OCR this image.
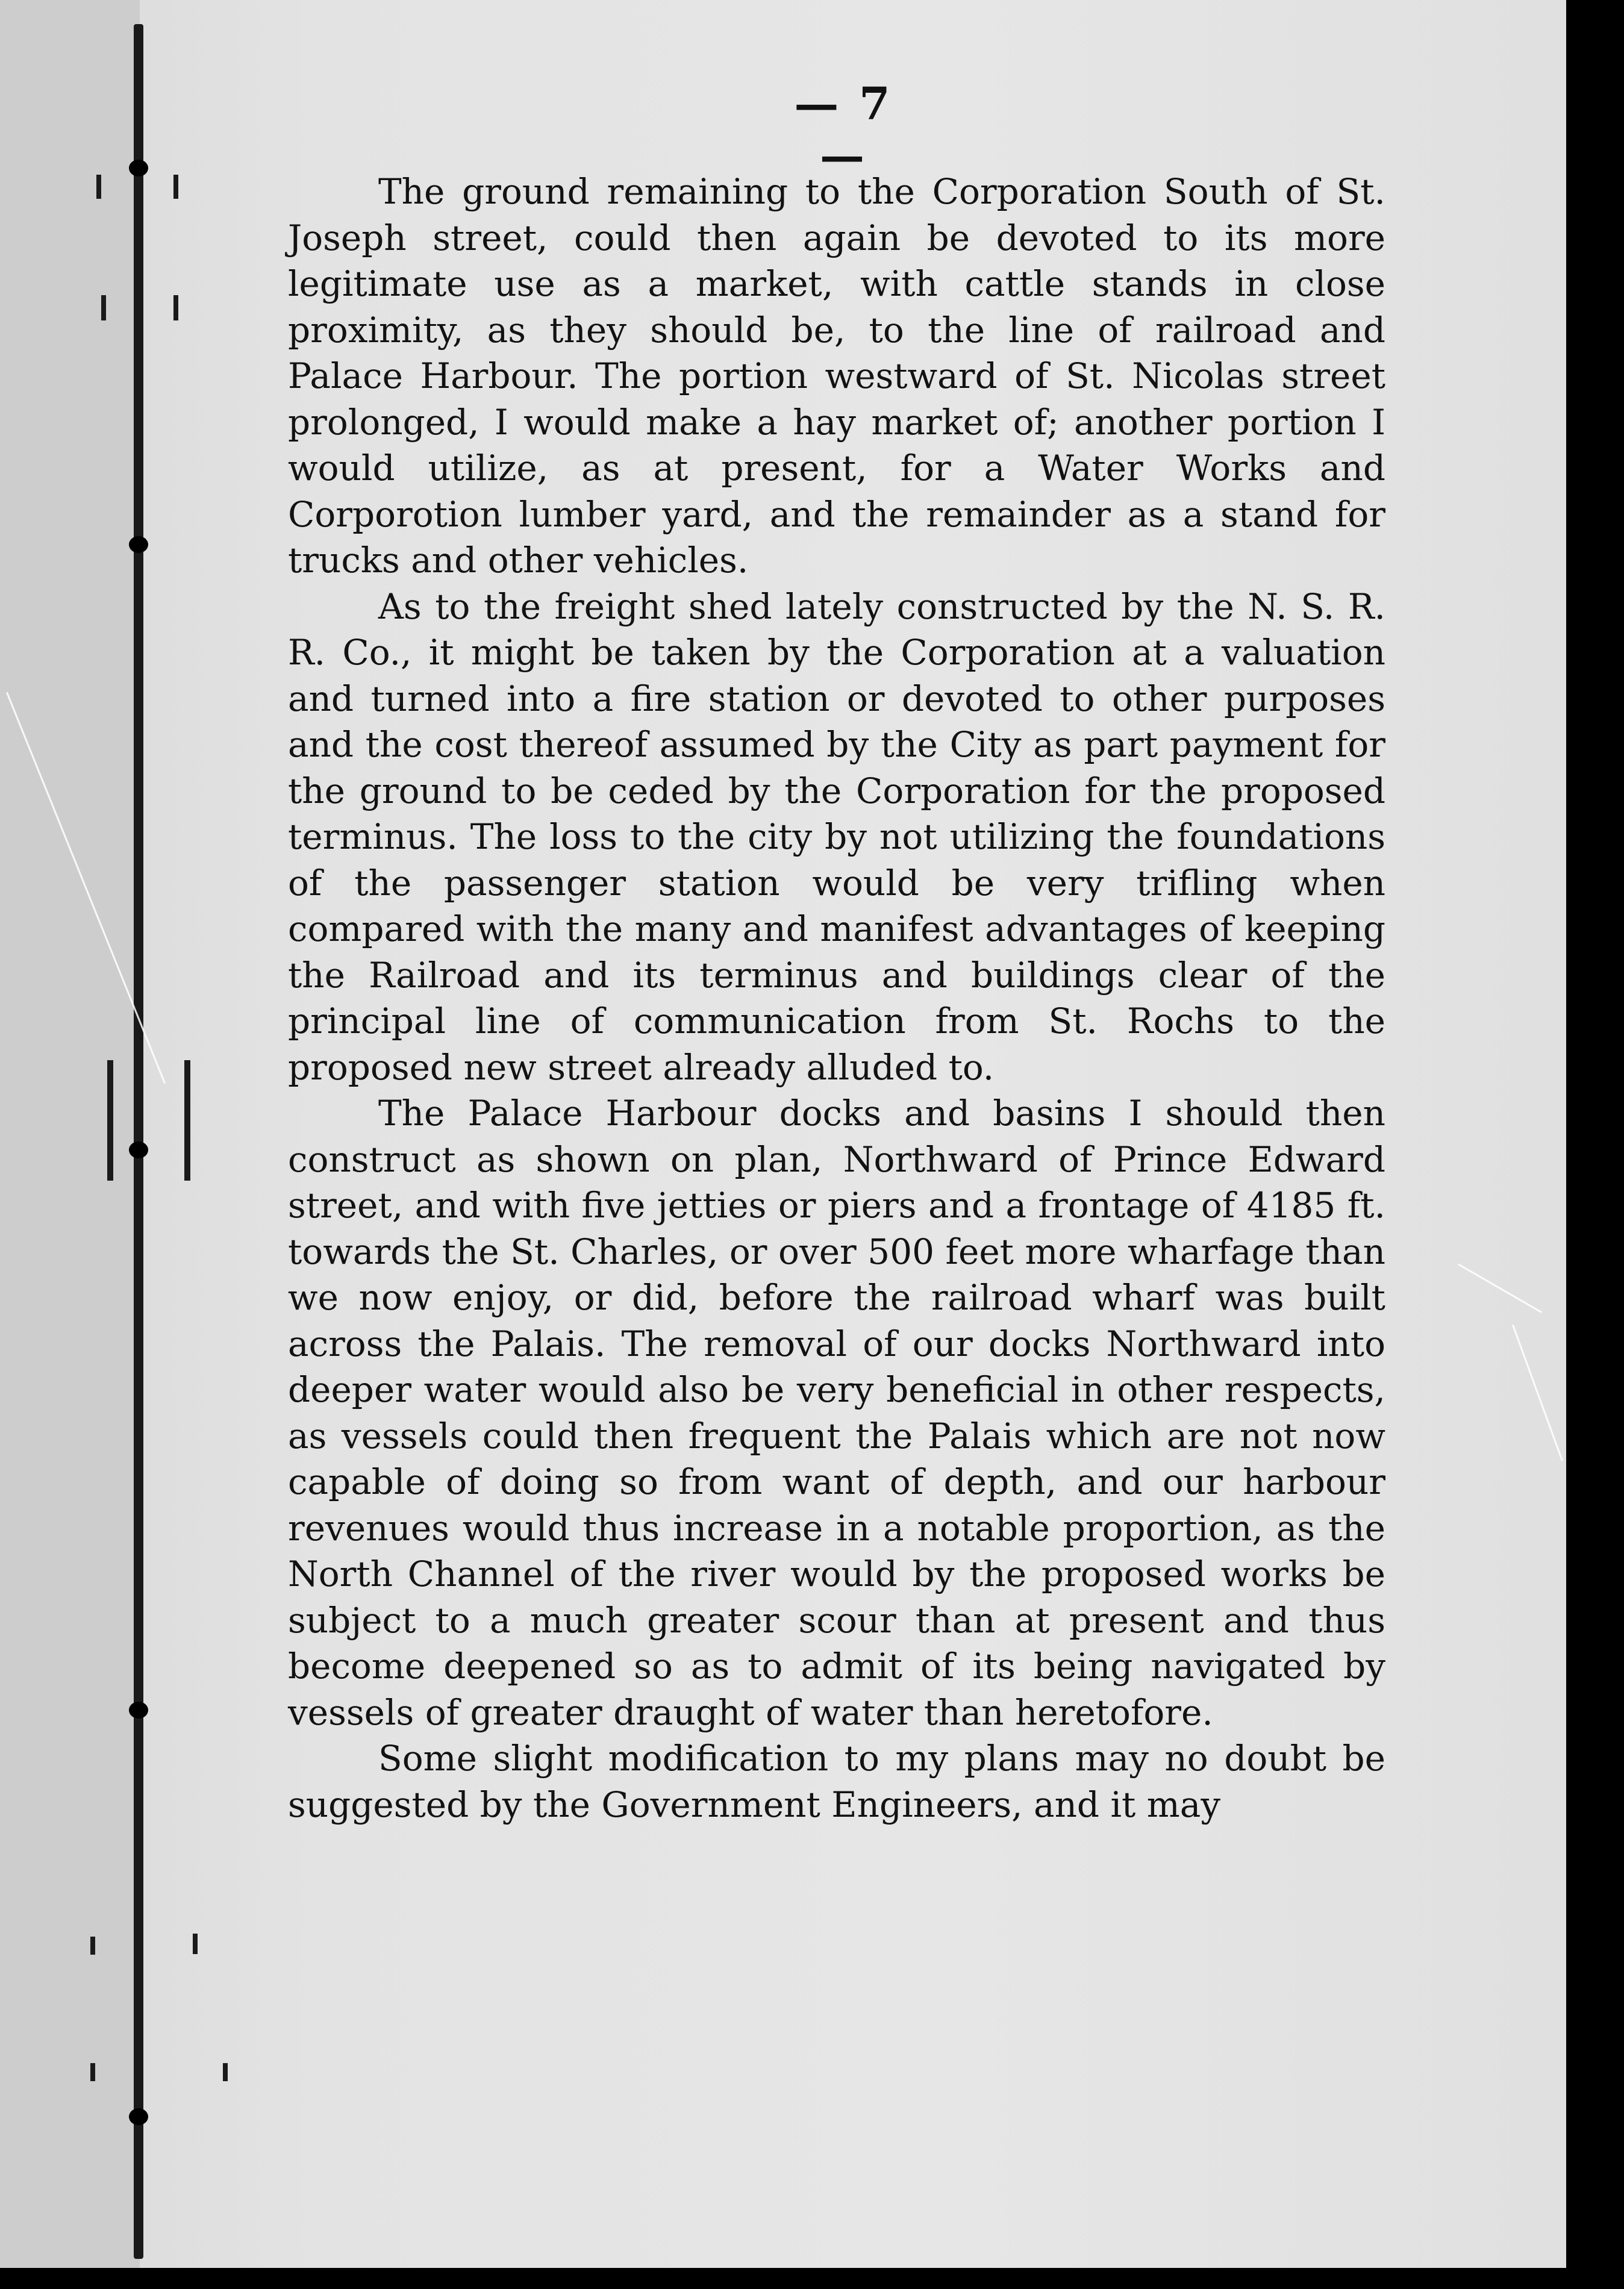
— 7 —

The ground remaining to the Corporation South of St. Joseph street, could then again be devoted to its more legitimate use as a market, with cattle stands in close proximity, as they should be, to the line of railroad and Palace Harbour. The portion westward of St. Nicolas street prolonged, I would make a hay market of; another portion I would utilize, as at present, for a Water Works and Corporotion lumber yard, and the remainder as a stand for trucks and other vehicles.

As to the freight shed lately constructed by the N. S. R. R. Co., it might be taken by the Corporation at a valuation and turned into a fire station or devoted to other purposes and the cost thereof assumed by the City as part payment for the ground to be ceded by the Corporation for the proposed terminus. The loss to the city by not utilizing the foundations of the passenger station would be very trifling when compared with the many and manifest advantages of keeping the Railroad and its terminus and buildings clear of the principal line of communication from St. Rochs to the proposed new street already alluded to.

The Palace Harbour docks and basins I should then construct as shown on plan, Northward of Prince Edward street, and with five jetties or piers and a frontage of 4185 ft. towards the St. Charles, or over 500 feet more wharfage than we now enjoy, or did, before the railroad wharf was built across the Palais. The removal of our docks Northward into deeper water would also be very beneficial in other respects, as vessels could then frequent the Palais which are not now capable of doing so from want of depth, and our harbour revenues would thus increase in a notable proportion, as the North Channel of the river would by the proposed works be subject to a much greater scour than at present and thus become deepened so as to admit of its being navigated by vessels of greater draught of water than heretofore.

Some slight modification to my plans may no doubt be suggested by the Government Engineers, and it may
